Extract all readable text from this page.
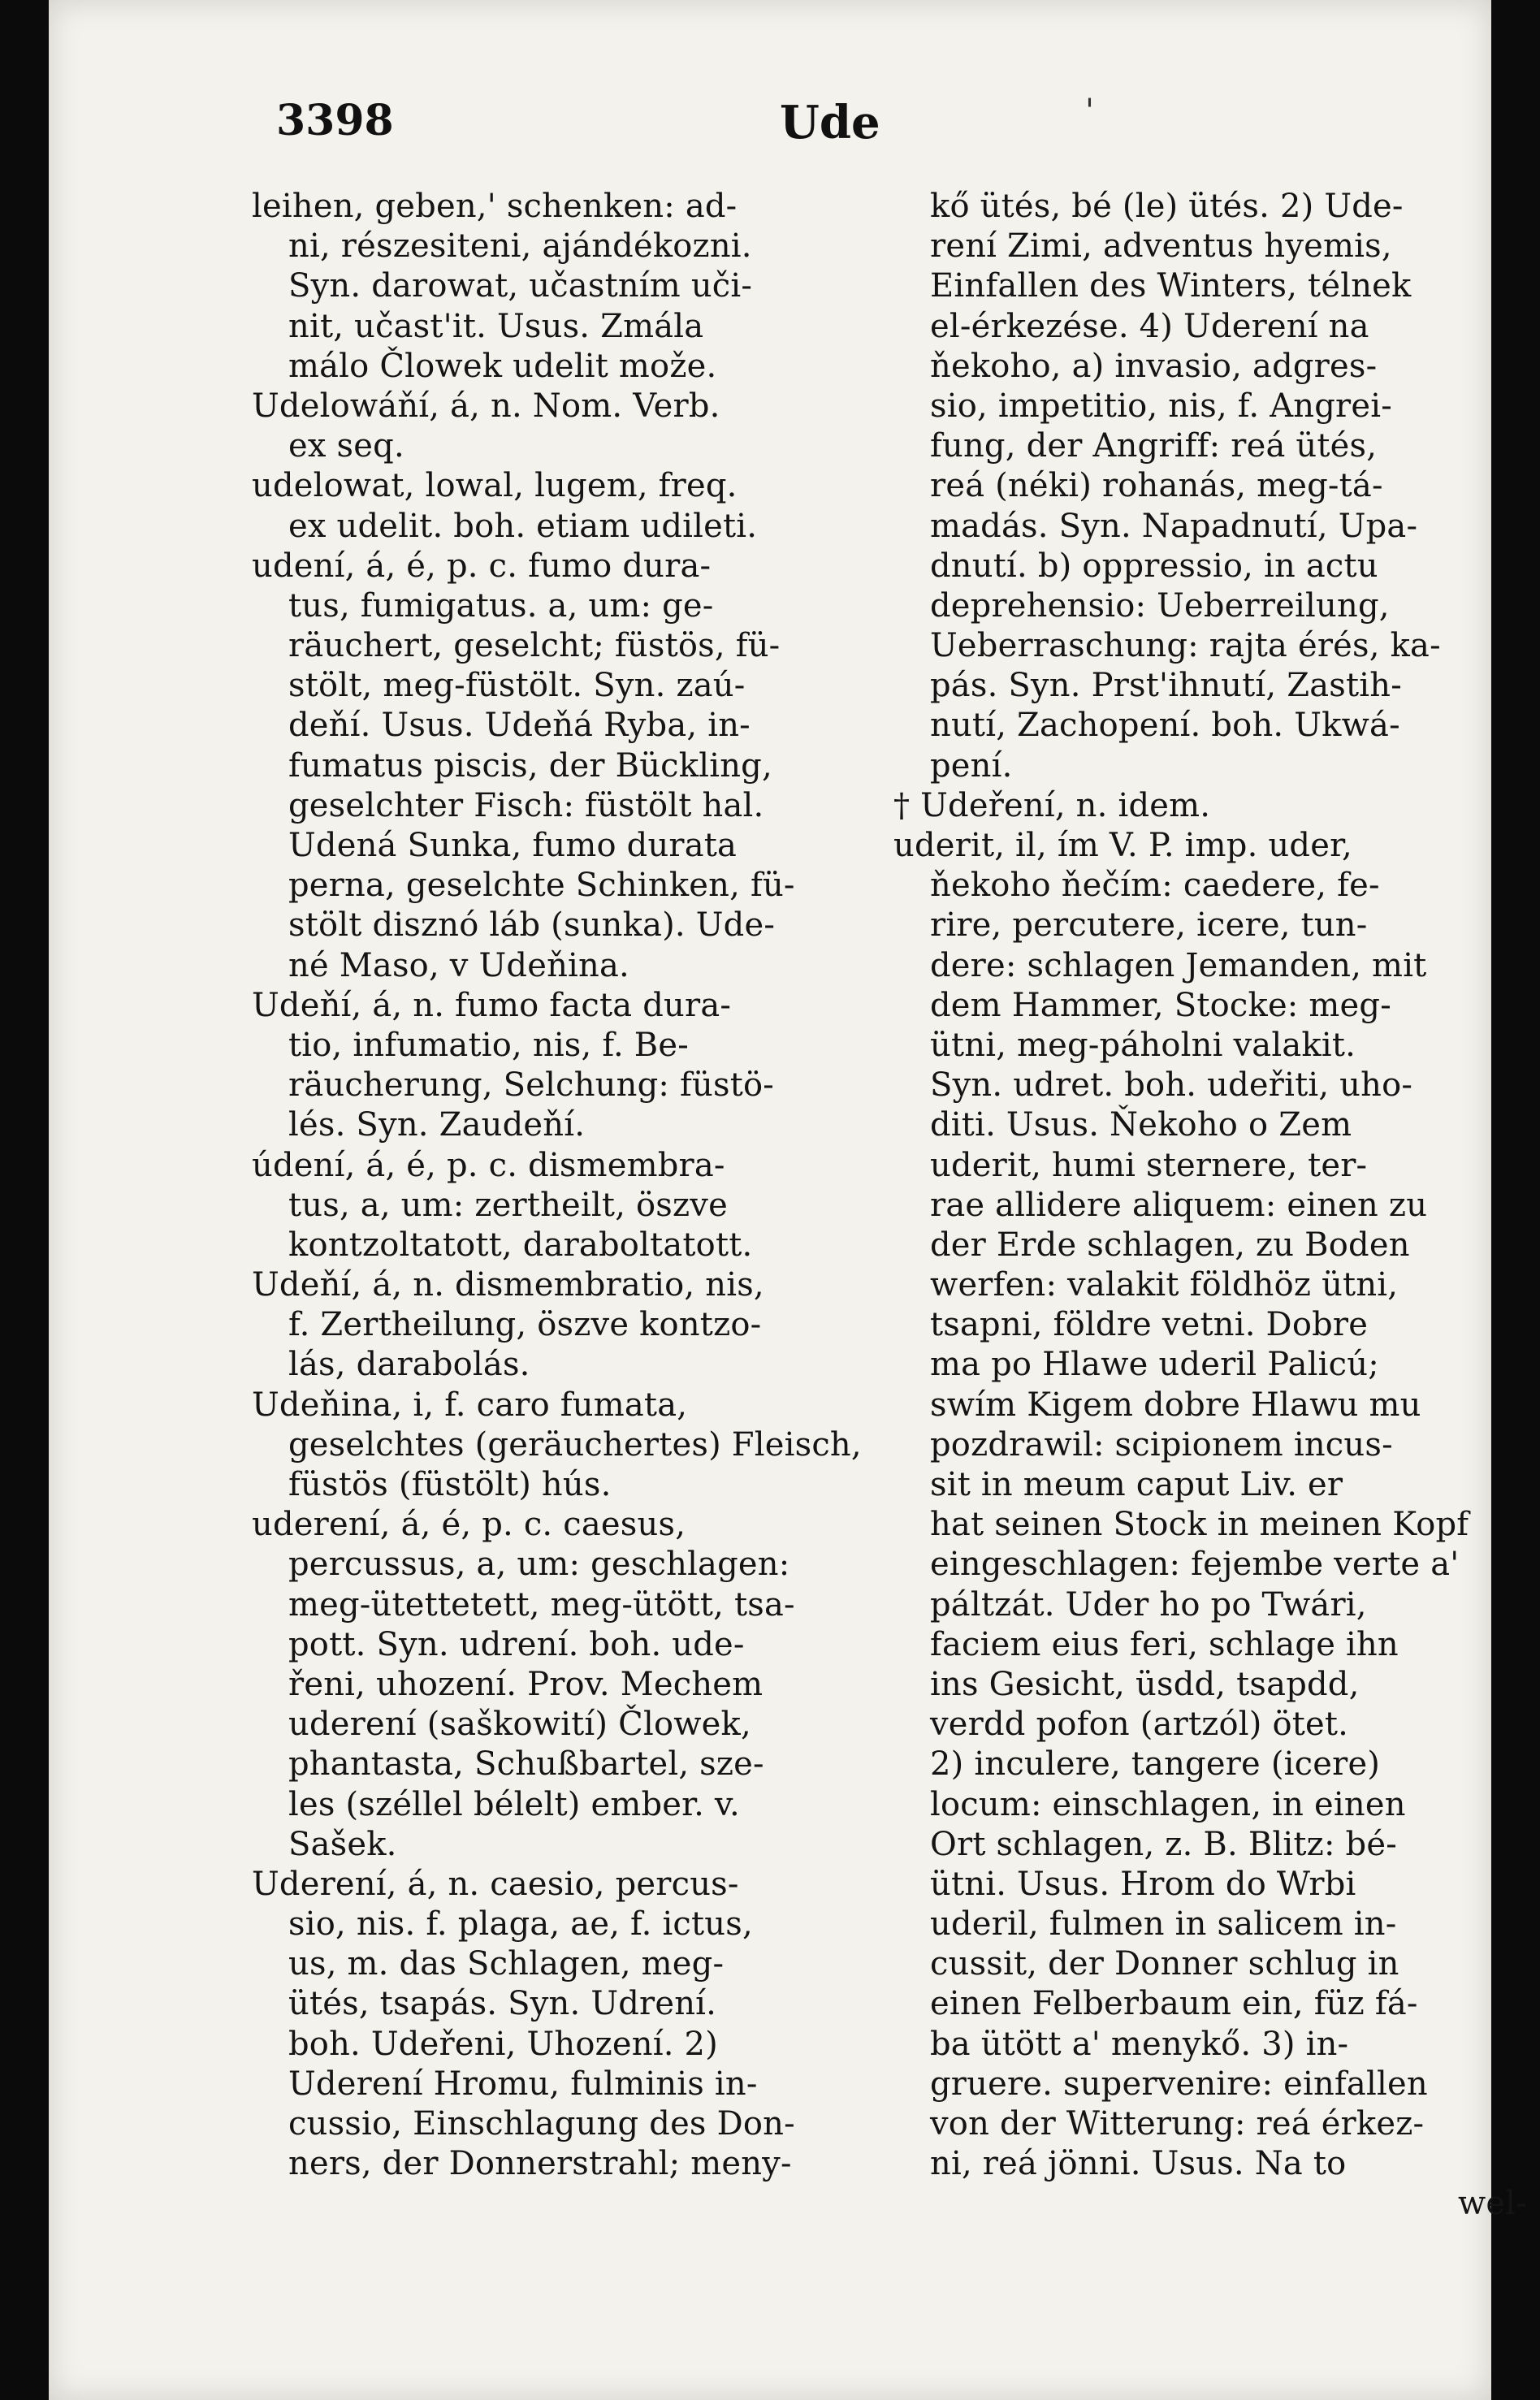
3398	Ude	'
leihen, geben,' schenken: ad-
ni, részesiteni, ajándékozni.
Syn. darowat, učastním uči-
nit, učast'it. Usus. Zmála
málo Člowek udelit može.
Udelowáňí, á, n. Nom. Verb.
ex seq.
udelowat, lowal, lugem, freq.
ex udelit. boh. etiam udileti.
udení, á, é, p. c. fumo dura-
tus, fumigatus. a, um: ge-
räuchert, geselcht; füstös, fü-
stölt, meg-füstölt. Syn. zaú-
deňí. Usus. Udeňá Ryba, in-
fumatus piscis, der Bückling,
geselchter Fisch: füstölt hal.
Udená Sunka, fumo durata
perna, geselchte Schinken, fü-
stölt disznó láb (sunka). Ude-
né Maso, v Udeňina.
Udeňí, á, n. fumo facta dura-
tio, infumatio, nis, f. Be-
räucherung, Selchung: füstö-
lés. Syn. Zaudeňí.
údení, á, é, p. c. dismembra-
tus, a, um: zertheilt, öszve
kontzoltatott, daraboltatott.
Udeňí, á, n. dismembratio, nis,
f. Zertheilung, öszve kontzo-
lás, darabolás.
Udeňina, i, f. caro fumata,
geselchtes (geräuchertes) Fleisch,
füstös (füstölt) hús.
uderení, á, é, p. c. caesus,
percussus, a, um: geschlagen:
meg-ütettetett, meg-ütött, tsa-
pott. Syn. udrení. boh. ude-
řeni, uhození. Prov. Mechem
uderení (saškowití) Člowek,
phantasta, Schußbartel, sze-
les (széllel bélelt) ember. v.
Sašek.
Uderení, á, n. caesio, percus-
sio, nis. f. plaga, ae, f. ictus,
us, m. das Schlagen, meg-
ütés, tsapás. Syn. Udrení.
boh. Udeřeni, Uhození. 2)
Uderení Hromu, fulminis in-
cussio, Einschlagung des Don-
ners, der Donnerstrahl; meny-
kő ütés, bé (le) ütés. 2) Ude-
rení Zimi, adventus hyemis,
Einfallen des Winters, télnek
el-érkezése. 4) Uderení na
ňekoho, a) invasio, adgres-
sio, impetitio, nis, f. Angrei-
fung, der Angriff: reá ütés,
reá (néki) rohanás, meg-tá-
madás. Syn. Napadnutí, Upa-
dnutí. b) oppressio, in actu
deprehensio: Ueberreilung,
Ueberraschung: rajta érés, ka-
pás. Syn. Prst'ihnutí, Zastih-
nutí, Zachopení. boh. Ukwá-
pení.
† Udeření, n. idem.
uderit, il, ím V. P. imp. uder,
ňekoho ňečím: caedere, fe-
rire, percutere, icere, tun-
dere: schlagen Jemanden, mit
dem Hammer, Stocke: meg-
ütni, meg-páholni valakit.
Syn. udret. boh. udeřiti, uho-
diti. Usus. Ňekoho o Zem
uderit, humi sternere, ter-
rae allidere aliquem: einen zu
der Erde schlagen, zu Boden
werfen: valakit földhöz ütni,
tsapni, földre vetni. Dobre
ma po Hlawe uderil Palicú;
swím Kigem dobre Hlawu mu
pozdrawil: scipionem incus-
sit in meum caput Liv. er
hat seinen Stock in meinen Kopf
eingeschlagen: fejembe verte a'
páltzát. Uder ho po Twári,
faciem eius feri, schlage ihn
ins Gesicht, üsdd, tsapdd,
verdd pofon (artzól) ötet.
2) inculere, tangere (icere)
locum: einschlagen, in einen
Ort schlagen, z. B. Blitz: bé-
ütni. Usus. Hrom do Wrbi
uderil, fulmen in salicem in-
cussit, der Donner schlug in
einen Felberbaum ein, füz fá-
ba ütött a' menykő. 3) in-
gruere. supervenire: einfallen
von der Witterung: reá érkez-
ni, reá jönni. Usus. Na to
wel-
